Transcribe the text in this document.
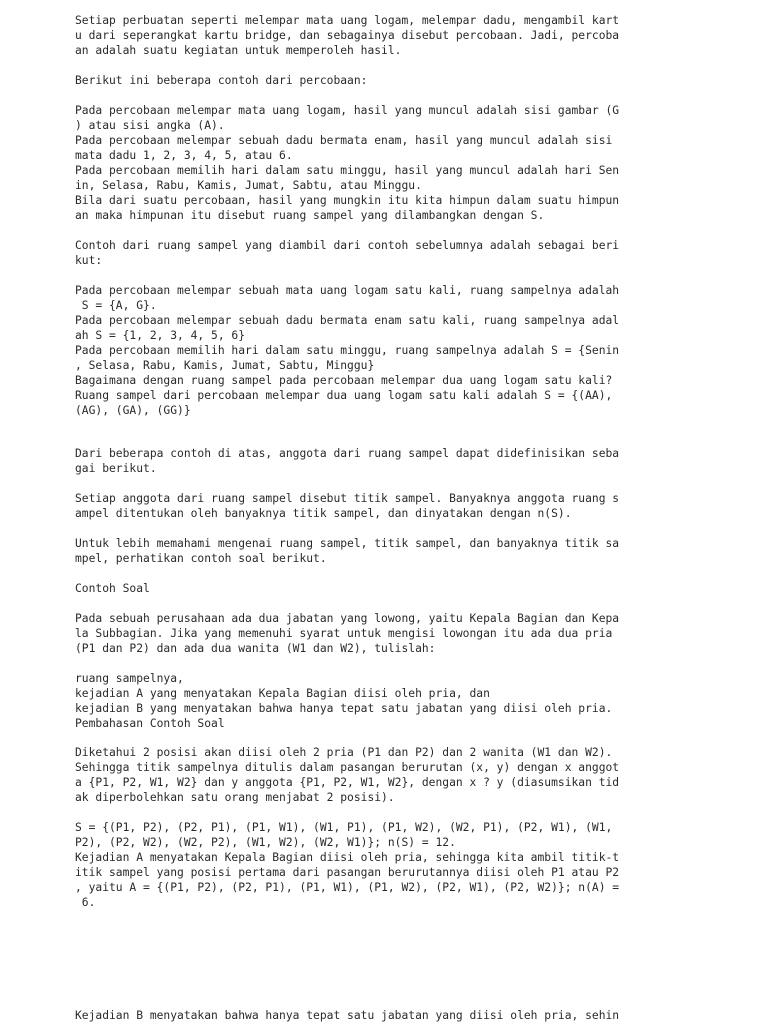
Setiap perbuatan seperti melempar mata uang logam, melempar dadu, mengambil kart
u dari seperangkat kartu bridge, dan sebagainya disebut percobaan. Jadi, percoba
an adalah suatu kegiatan untuk memperoleh hasil.

Berikut ini beberapa contoh dari percobaan:

Pada percobaan melempar mata uang logam, hasil yang muncul adalah sisi gambar (G
) atau sisi angka (A).
Pada percobaan melempar sebuah dadu bermata enam, hasil yang muncul adalah sisi
mata dadu 1, 2, 3, 4, 5, atau 6.
Pada percobaan memilih hari dalam satu minggu, hasil yang muncul adalah hari Sen
in, Selasa, Rabu, Kamis, Jumat, Sabtu, atau Minggu.
Bila dari suatu percobaan, hasil yang mungkin itu kita himpun dalam suatu himpun
an maka himpunan itu disebut ruang sampel yang dilambangkan dengan S.

Contoh dari ruang sampel yang diambil dari contoh sebelumnya adalah sebagai beri
kut:

Pada percobaan melempar sebuah mata uang logam satu kali, ruang sampelnya adalah
S = {A, G}.
Pada percobaan melempar sebuah dadu bermata enam satu kali, ruang sampelnya adal
ah S = {1, 2, 3, 4, 5, 6}
Pada percobaan memilih hari dalam satu minggu, ruang sampelnya adalah S = {Senin
, Selasa, Rabu, Kamis, Jumat, Sabtu, Minggu}
Bagaimana dengan ruang sampel pada percobaan melempar dua uang logam satu kali?
Ruang sampel dari percobaan melempar dua uang logam satu kali adalah S = {(AA),
(AG), (GA), (GG)}

Dari beberapa contoh di atas, anggota dari ruang sampel dapat didefinisikan seba
gai berikut.

Setiap anggota dari ruang sampel disebut titik sampel. Banyaknya anggota ruang s
ampel ditentukan oleh banyaknya titik sampel, dan dinyatakan dengan n(S).

Untuk lebih memahami mengenai ruang sampel, titik sampel, dan banyaknya titik sa
mpel, perhatikan contoh soal berikut.

Contoh Soal

Pada sebuah perusahaan ada dua jabatan yang lowong, yaitu Kepala Bagian dan Kepa
la Subbagian. Jika yang memenuhi syarat untuk mengisi lowongan itu ada dua pria
(P1 dan P2) dan ada dua wanita (W1 dan W2), tulislah:

ruang sampelnya,
kejadian A yang menyatakan Kepala Bagian diisi oleh pria, dan
kejadian B yang menyatakan bahwa hanya tepat satu jabatan yang diisi oleh pria.
Pembahasan Contoh Soal

Diketahui 2 posisi akan diisi oleh 2 pria (P1 dan P2) dan 2 wanita (W1 dan W2).
Sehingga titik sampelnya ditulis dalam pasangan berurutan (x, y) dengan x anggot
a {P1, P2, W1, W2} dan y anggota {P1, P2, W1, W2}, dengan x ? y (diasumsikan tid
ak diperbolehkan satu orang menjabat 2 posisi).

S = {(P1, P2), (P2, P1), (P1, W1), (W1, P1), (P1, W2), (W2, P1), (P2, W1), (W1,
P2), (P2, W2), (W2, P2), (W1, W2), (W2, W1)}; n(S) = 12.
Kejadian A menyatakan Kepala Bagian diisi oleh pria, sehingga kita ambil titik-t
itik sampel yang posisi pertama dari pasangan berurutannya diisi oleh P1 atau P2
, yaitu A = {(P1, P2), (P2, P1), (P1, W1), (P1, W2), (P2, W1), (P2, W2)}; n(A) =
6.

Kejadian B menyatakan bahwa hanya tepat satu jabatan yang diisi oleh pria, sehin
